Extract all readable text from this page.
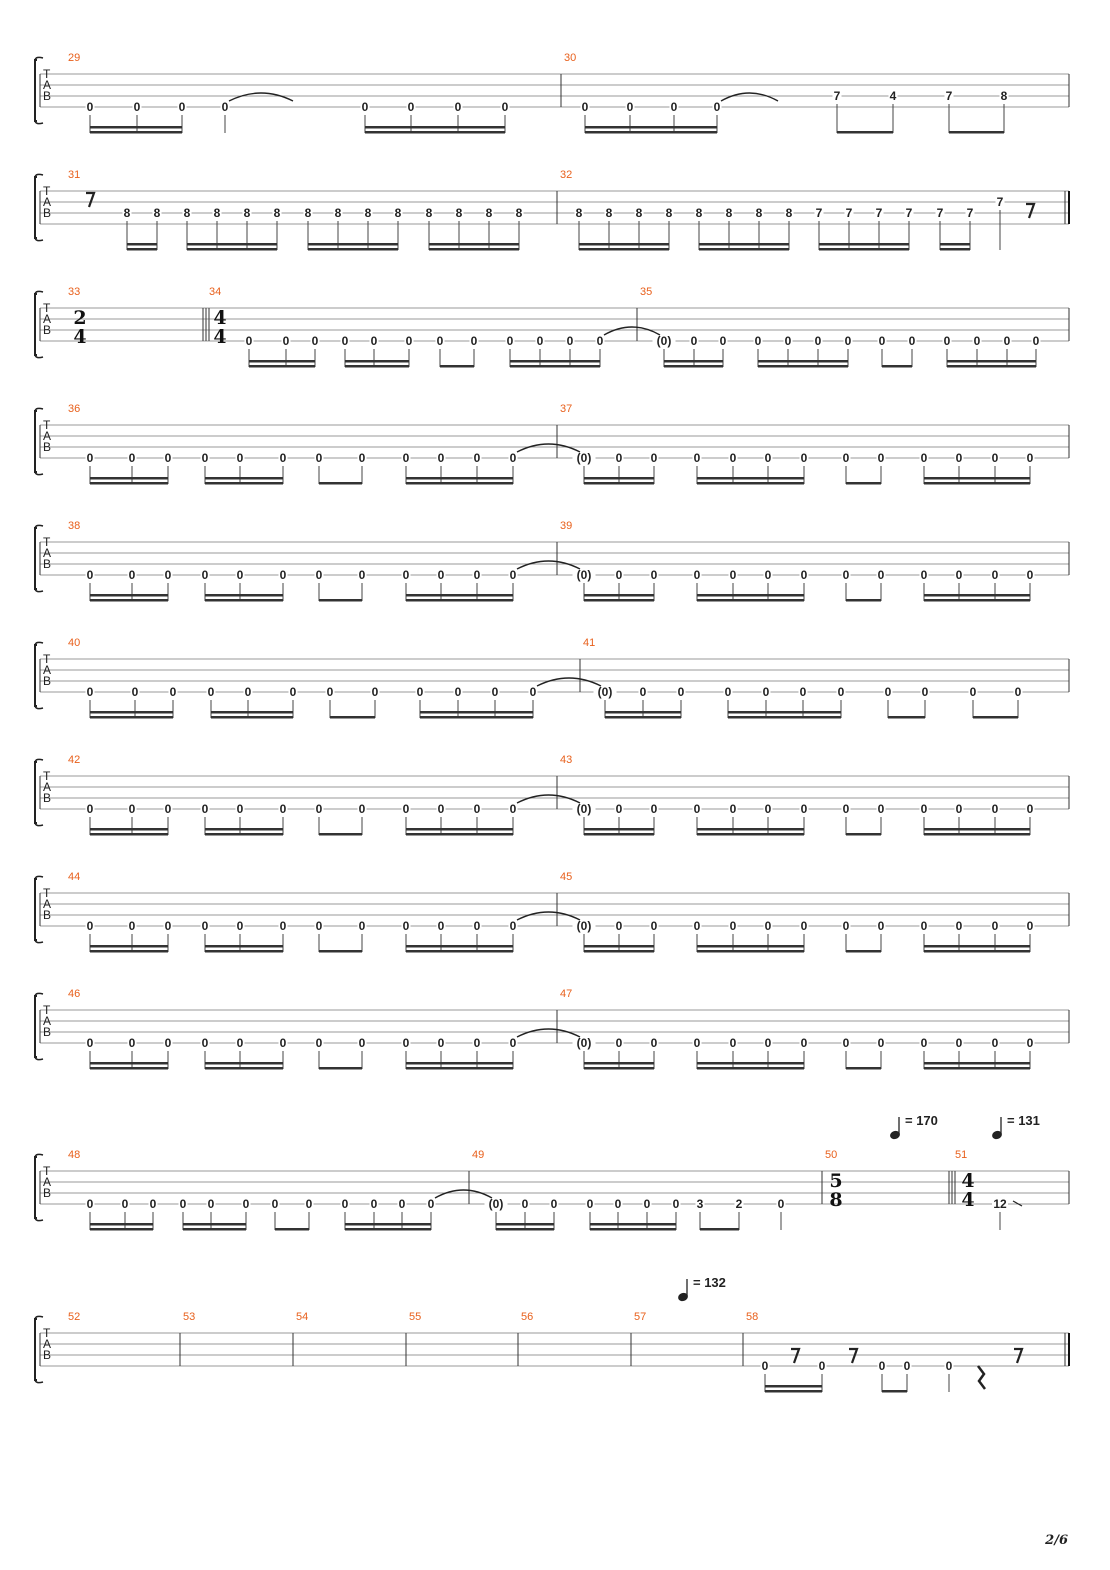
T
A
B
29
0	0	0	0	0	0	0	0
30
0	0	0	0
7	4	7	8
T
A
B
31
8 8 8 8 8 8 8 8 8 8 8 8 8 8
32
8 8 8 8 8 8 8 8 7 7 7 7 7 7
7
T
A
B
33	34
0	0 0 0 0 0 0 0 0 0 0 0
35
(0) 0 0 0 0 0 0 0 0 0 0 0 0
T
A
B
36
0	0 0	0 0	0 0	0	0 0 0 0
37
(0) 0 0	0 0 0 0	0 0	0 0 0 0
T
A
B
38
0	0 0	0 0	0 0	0	0 0 0 0
39
(0) 0 0	0 0 0 0	0 0	0 0 0 0
T
A
B
40
0	0	0	0	0	0	0	0	0	0	0	0
41
(0) 0	0	0	0	0	0	0	0	0	0
T
A
B
42
0	0 0	0 0	0 0	0	0 0 0 0
43
(0) 0 0	0 0 0 0	0 0	0 0 0 0
T
A
B
44
0	0 0	0 0	0 0	0	0 0 0 0
45
(0) 0 0	0 0 0 0	0 0	0 0 0 0
T
A
B
46
0	0 0	0 0	0 0	0	0 0 0 0
47
(0) 0 0	0 0 0 0	0 0	0 0 0 0
T
A
B
48
0 0 0 0 0 0 0 0 0 0 0 0
49
(0) 0 0 0 0 0 0 3	2	0
50	51
12
T
A
B
52	53	54	55	56	57	58
0	0	0 0	0
2
4
4
4
5
8
4
4
= 170	= 131
= 132
2/6
